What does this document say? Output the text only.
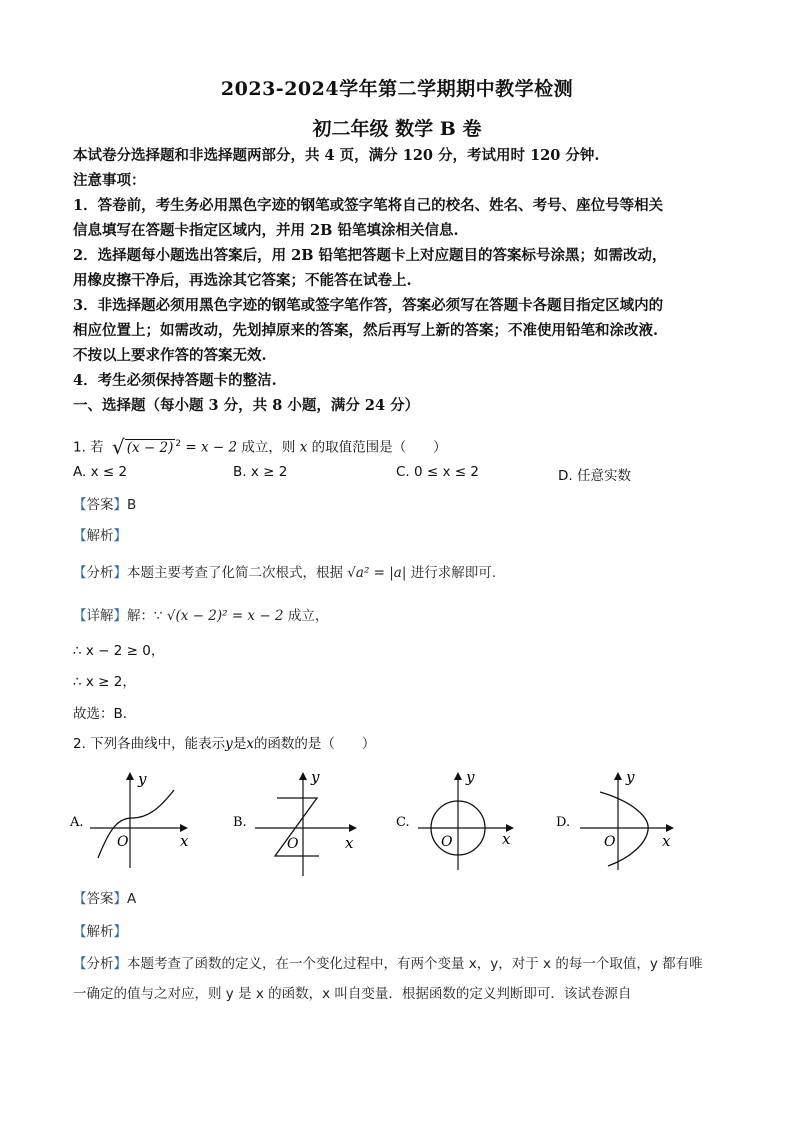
2023-2024学年第二学期期中教学检测
初二年级 数学 B 卷
本试卷分选择题和非选择题两部分，共 4 页，满分 120 分，考试用时 120 分钟.
注意事项：
1．答卷前，考生务必用黑色字迹的钢笔或签字笔将自己的校名、姓名、考号、座位号等相关
信息填写在答题卡指定区域内，并用 2B 铅笔填涂相关信息.
2．选择题每小题选出答案后，用 2B 铅笔把答题卡上对应题目的答案标号涂黑；如需改动，
用橡皮擦干净后，再选涂其它答案；不能答在试卷上.
3．非选择题必须用黑色字迹的钢笔或签字笔作答，答案必须写在答题卡各题目指定区域内的
相应位置上；如需改动，先划掉原来的答案，然后再写上新的答案；不准使用铅笔和涂改液.
不按以上要求作答的答案无效.
4．考生必须保持答题卡的整洁.
一、选择题（每小题 3 分，共 8 小题，满分 24 分）
1. 若 √ (x − 2) $^2$ = x − 2 成立，则 x 的取值范围是（　　）
A. x ≤ 2	B. x ≥ 2	C. 0 ≤ x ≤ 2	D. 任意实数
【答案】B
【解析】
【分析】本题主要考查了化简二次根式，根据 √a² = |a| 进行求解即可.
【详解】解：∵ √(x − 2)² = x − 2 成立，
∴ x − 2 ≥ 0，
∴ x ≥ 2，
故选：B．
2. 下列各曲线中，能表示y是x的函数的是（　　）
A.
x
y
O
B.
x
y
O
C.
x
y
O
D.
x
y
O
【答案】A
【解析】
【分析】本题考查了函数的定义，在一个变化过程中，有两个变量 x，y，对于 x 的每一个取值，y 都有唯
一确定的值与之对应，则 y 是 x 的函数，x 叫自变量．根据函数的定义判断即可．该试卷源自
